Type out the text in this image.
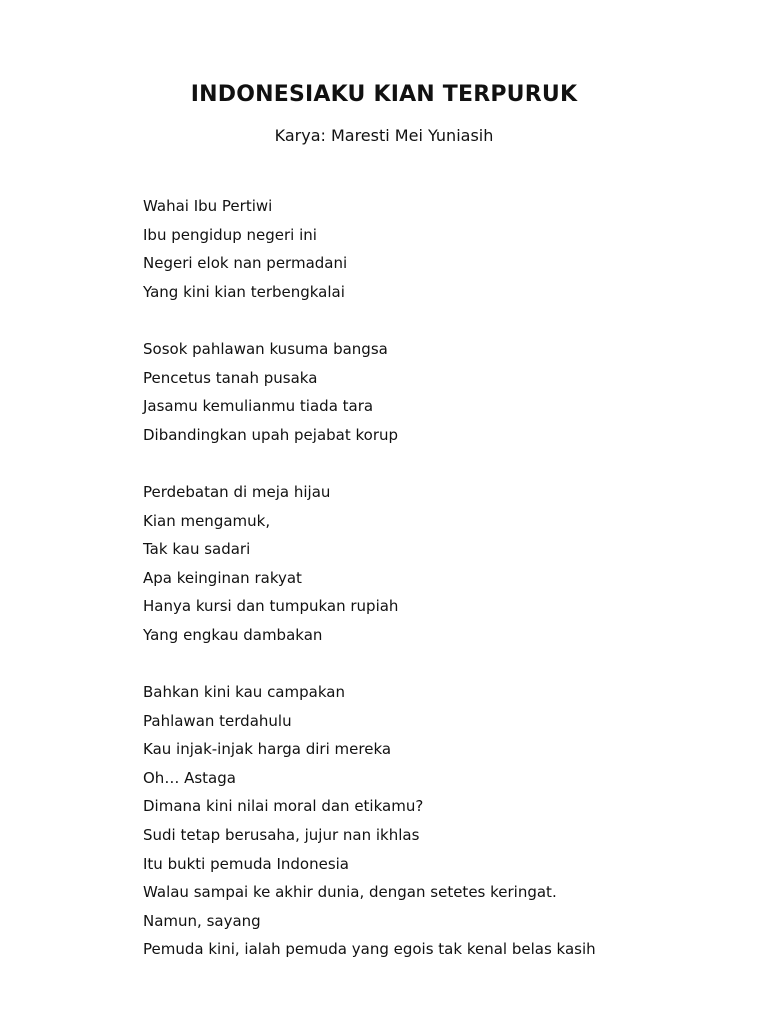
INDONESIAKU KIAN TERPURUK

Karya: Maresti Mei Yuniasih

Wahai Ibu Pertiwi
Ibu pengidup negeri ini
Negeri elok nan permadani
Yang kini kian terbengkalai
Sosok pahlawan kusuma bangsa
Pencetus tanah pusaka
Jasamu kemulianmu tiada tara
Dibandingkan upah pejabat korup
Perdebatan di meja hijau
Kian mengamuk,
Tak kau sadari
Apa keinginan rakyat
Hanya kursi dan tumpukan rupiah
Yang engkau dambakan
Bahkan kini kau campakan
Pahlawan terdahulu
Kau injak-injak harga diri mereka
Oh… Astaga
Dimana kini nilai moral dan etikamu?
Sudi tetap berusaha, jujur nan ikhlas
Itu bukti pemuda Indonesia
Walau sampai ke akhir dunia, dengan setetes keringat.
Namun, sayang
Pemuda kini, ialah pemuda yang egois tak kenal belas kasih
